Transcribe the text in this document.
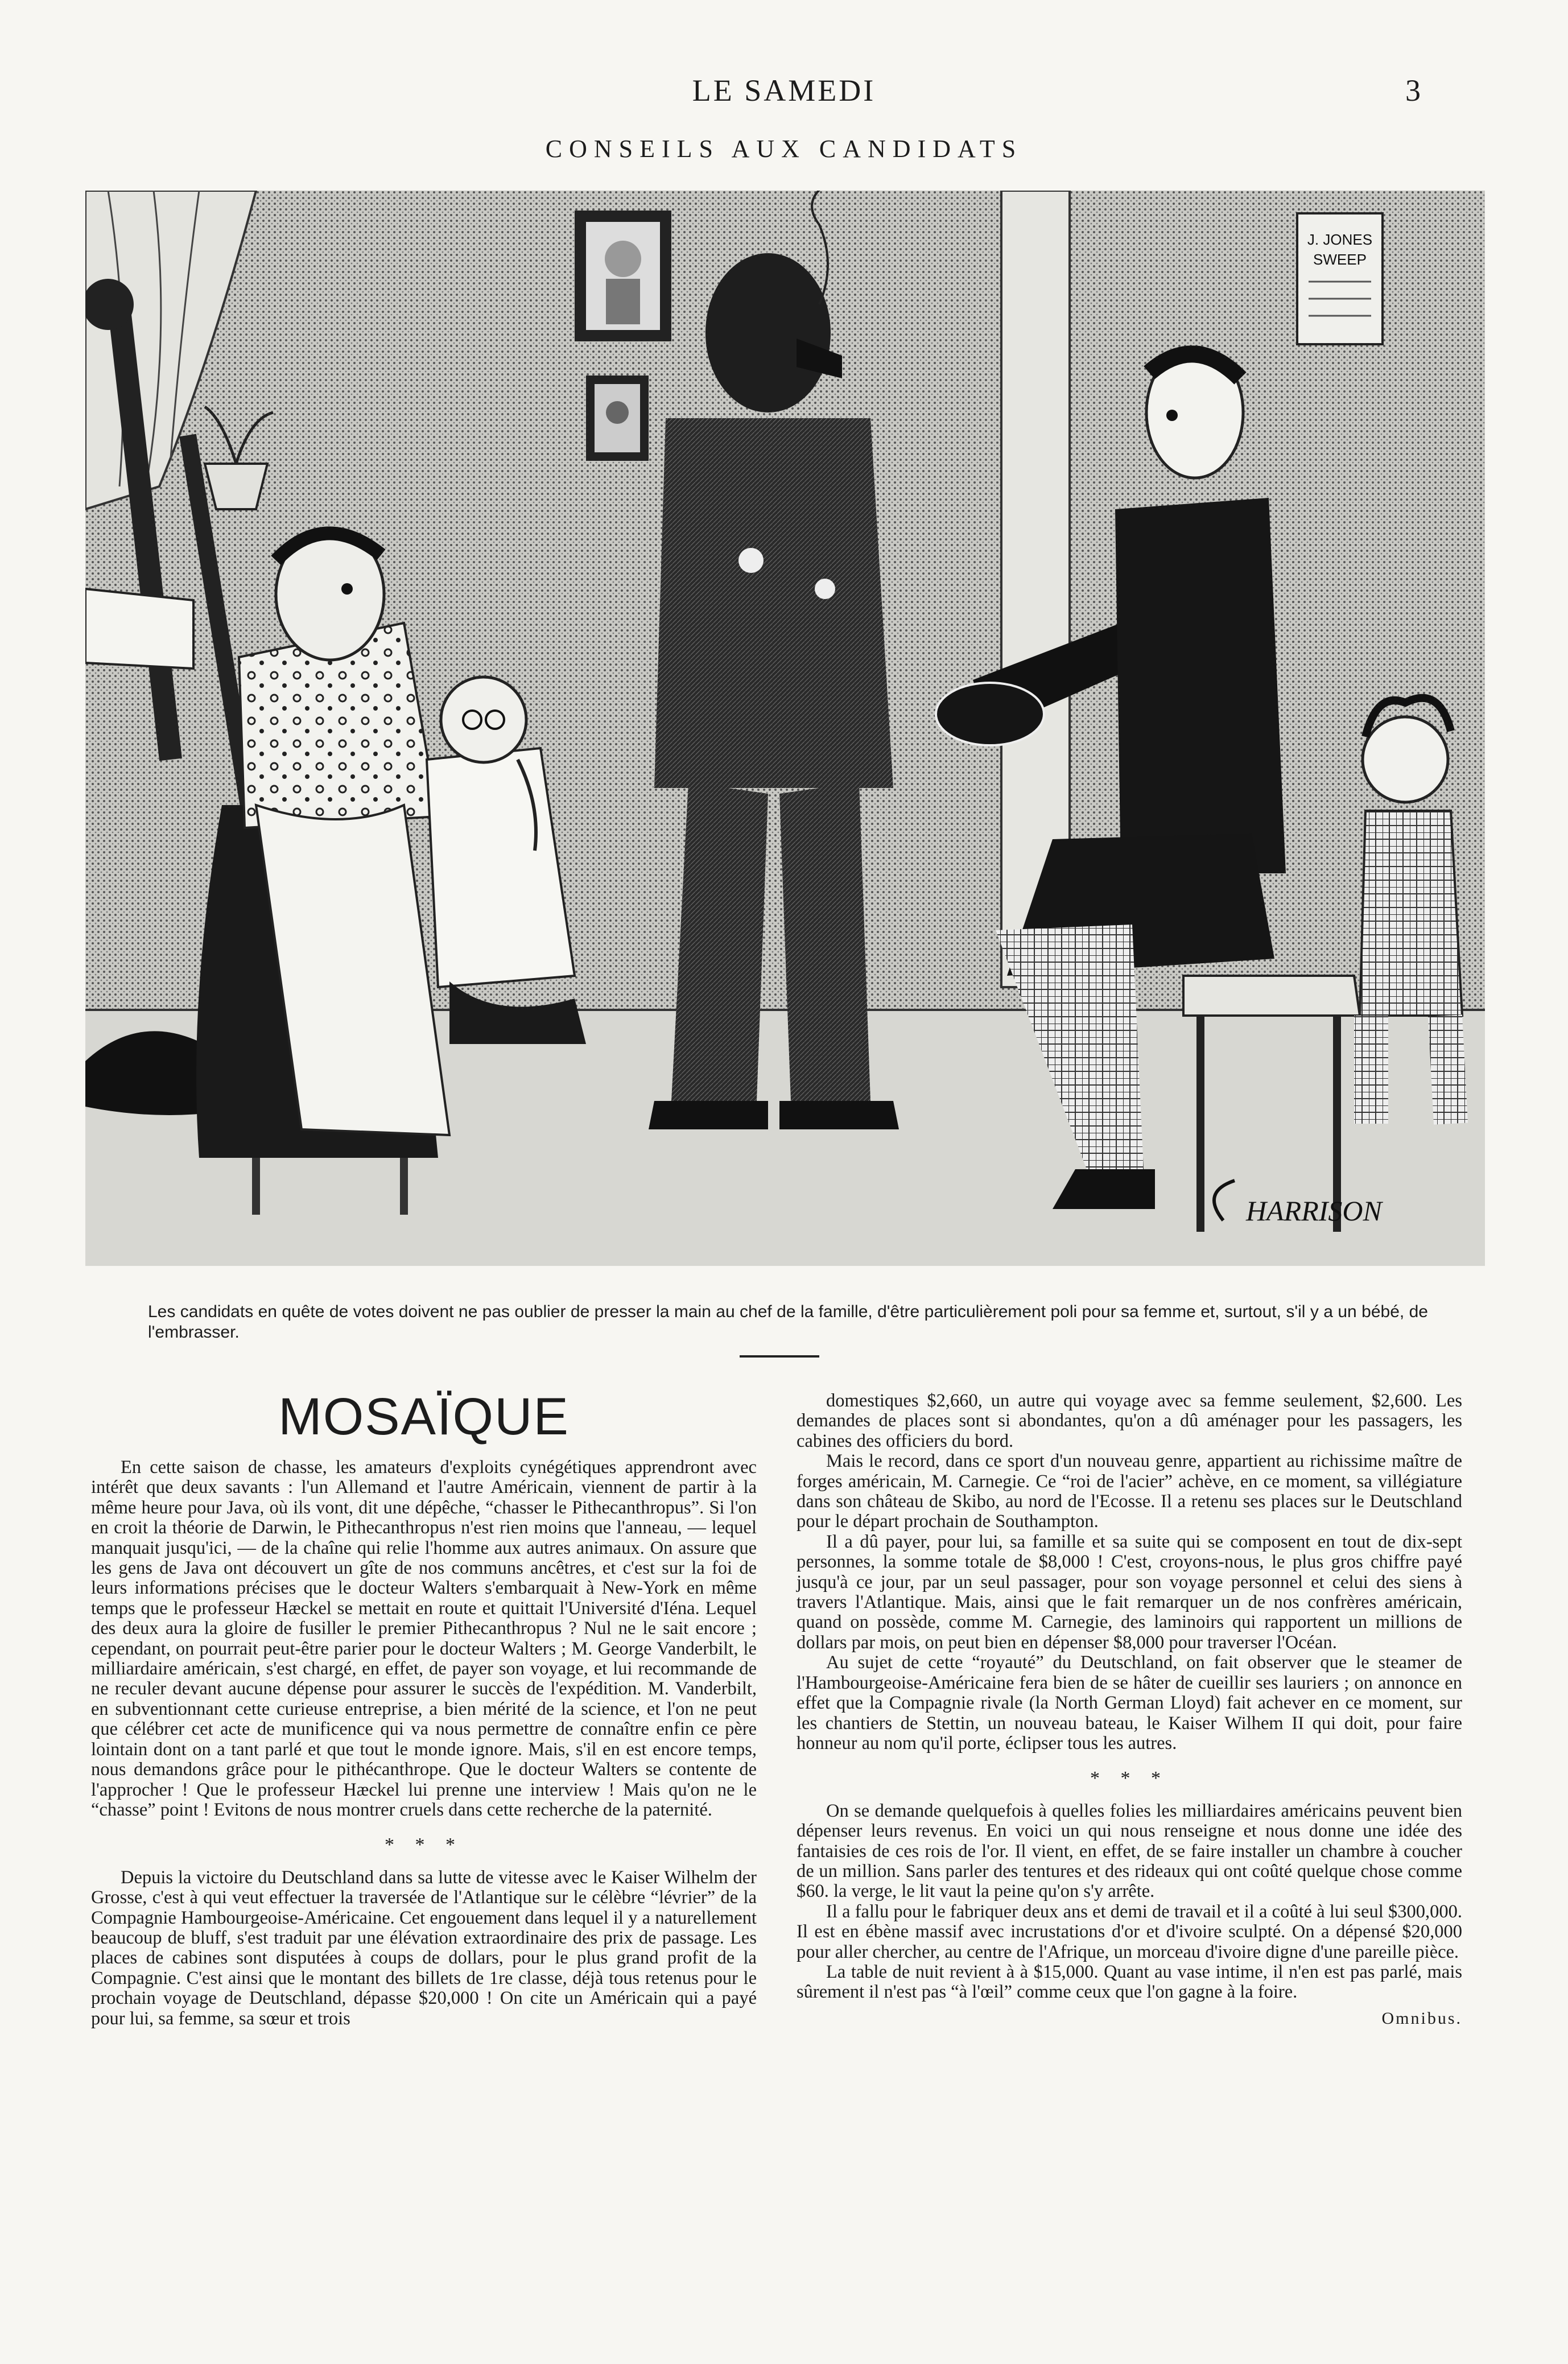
LE SAMEDI	3
CONSEILS AUX CANDIDATS
J. JONES
SWEEP
HARRISON
Les candidats en quête de votes doivent ne pas oublier de presser la main au chef de la famille, d'être particulièrement poli pour sa femme et, surtout, s'il y a un bébé, de l'embrasser.
MOSAÏQUE

En cette saison de chasse, les amateurs d'exploits cynégétiques apprendront avec intérêt que deux savants : l'un Allemand et l'autre Américain, viennent de partir à la même heure pour Java, où ils vont, dit une dépêche, “chasser le Pithecanthropus”. Si l'on en croit la théorie de Darwin, le Pithecanthropus n'est rien moins que l'anneau, — lequel manquait jusqu'ici, — de la chaîne qui relie l'homme aux autres animaux. On assure que les gens de Java ont découvert un gîte de nos communs ancêtres, et c'est sur la foi de leurs informations précises que le docteur Walters s'embarquait à New-York en même temps que le professeur Hæckel se mettait en route et quittait l'Université d'Iéna. Lequel des deux aura la gloire de fusiller le premier Pithecanthropus ? Nul ne le sait encore ; cependant, on pourrait peut-être parier pour le docteur Walters ; M. George Vanderbilt, le milliardaire américain, s'est chargé, en effet, de payer son voyage, et lui recommande de ne reculer devant aucune dépense pour assurer le succès de l'expédition. M. Vanderbilt, en subventionnant cette curieuse entreprise, a bien mérité de la science, et l'on ne peut que célébrer cet acte de munificence qui va nous permettre de connaître enfin ce père lointain dont on a tant parlé et que tout le monde ignore. Mais, s'il en est encore temps, nous demandons grâce pour le pithécanthrope. Que le docteur Walters se contente de l'approcher ! Que le professeur Hæckel lui prenne une interview ! Mais qu'on ne le “chasse” point ! Evitons de nous montrer cruels dans cette recherche de la paternité.

* * *

Depuis la victoire du Deutschland dans sa lutte de vitesse avec le Kaiser Wilhelm der Grosse, c'est à qui veut effectuer la traversée de l'Atlantique sur le célèbre “lévrier” de la Compagnie Hambourgeoise-Américaine. Cet engouement dans lequel il y a naturellement beaucoup de bluff, s'est traduit par une élévation extraordinaire des prix de passage. Les places de cabines sont disputées à coups de dollars, pour le plus grand profit de la Compagnie. C'est ainsi que le montant des billets de 1re classe, déjà tous retenus pour le prochain voyage de Deutschland, dépasse $20,000 ! On cite un Américain qui a payé pour lui, sa femme, sa sœur et trois

domestiques $2,660, un autre qui voyage avec sa femme seulement, $2,600. Les demandes de places sont si abondantes, qu'on a dû aménager pour les passagers, les cabines des officiers du bord.

Mais le record, dans ce sport d'un nouveau genre, appartient au richissime maître de forges américain, M. Carnegie. Ce “roi de l'acier” achève, en ce moment, sa villégiature dans son château de Skibo, au nord de l'Ecosse. Il a retenu ses places sur le Deutschland pour le départ prochain de Southampton.

Il a dû payer, pour lui, sa famille et sa suite qui se composent en tout de dix-sept personnes, la somme totale de $8,000 ! C'est, croyons-nous, le plus gros chiffre payé jusqu'à ce jour, par un seul passager, pour son voyage personnel et celui des siens à travers l'Atlantique. Mais, ainsi que le fait remarquer un de nos confrères américain, quand on possède, comme M. Carnegie, des laminoirs qui rapportent un millions de dollars par mois, on peut bien en dépenser $8,000 pour traverser l'Océan.

Au sujet de cette “royauté” du Deutschland, on fait observer que le steamer de l'Hambourgeoise-Américaine fera bien de se hâter de cueillir ses lauriers ; on annonce en effet que la Compagnie rivale (la North German Lloyd) fait achever en ce moment, sur les chantiers de Stettin, un nouveau bateau, le Kaiser Wilhem II qui doit, pour faire honneur au nom qu'il porte, éclipser tous les autres.

* * *

On se demande quelquefois à quelles folies les milliardaires américains peuvent bien dépenser leurs revenus. En voici un qui nous renseigne et nous donne une idée des fantaisies de ces rois de l'or. Il vient, en effet, de se faire installer un chambre à coucher de un million. Sans parler des tentures et des rideaux qui ont coûté quelque chose comme $60. la verge, le lit vaut la peine qu'on s'y arrête.

Il a fallu pour le fabriquer deux ans et demi de travail et il a coûté à lui seul $300,000. Il est en ébène massif avec incrustations d'or et d'ivoire sculpté. On a dépensé $20,000 pour aller chercher, au centre de l'Afrique, un morceau d'ivoire digne d'une pareille pièce.

La table de nuit revient à à $15,000. Quant au vase intime, il n'en est pas parlé, mais sûrement il n'est pas “à l'œil” comme ceux que l'on gagne à la foire.

Omnibus.
